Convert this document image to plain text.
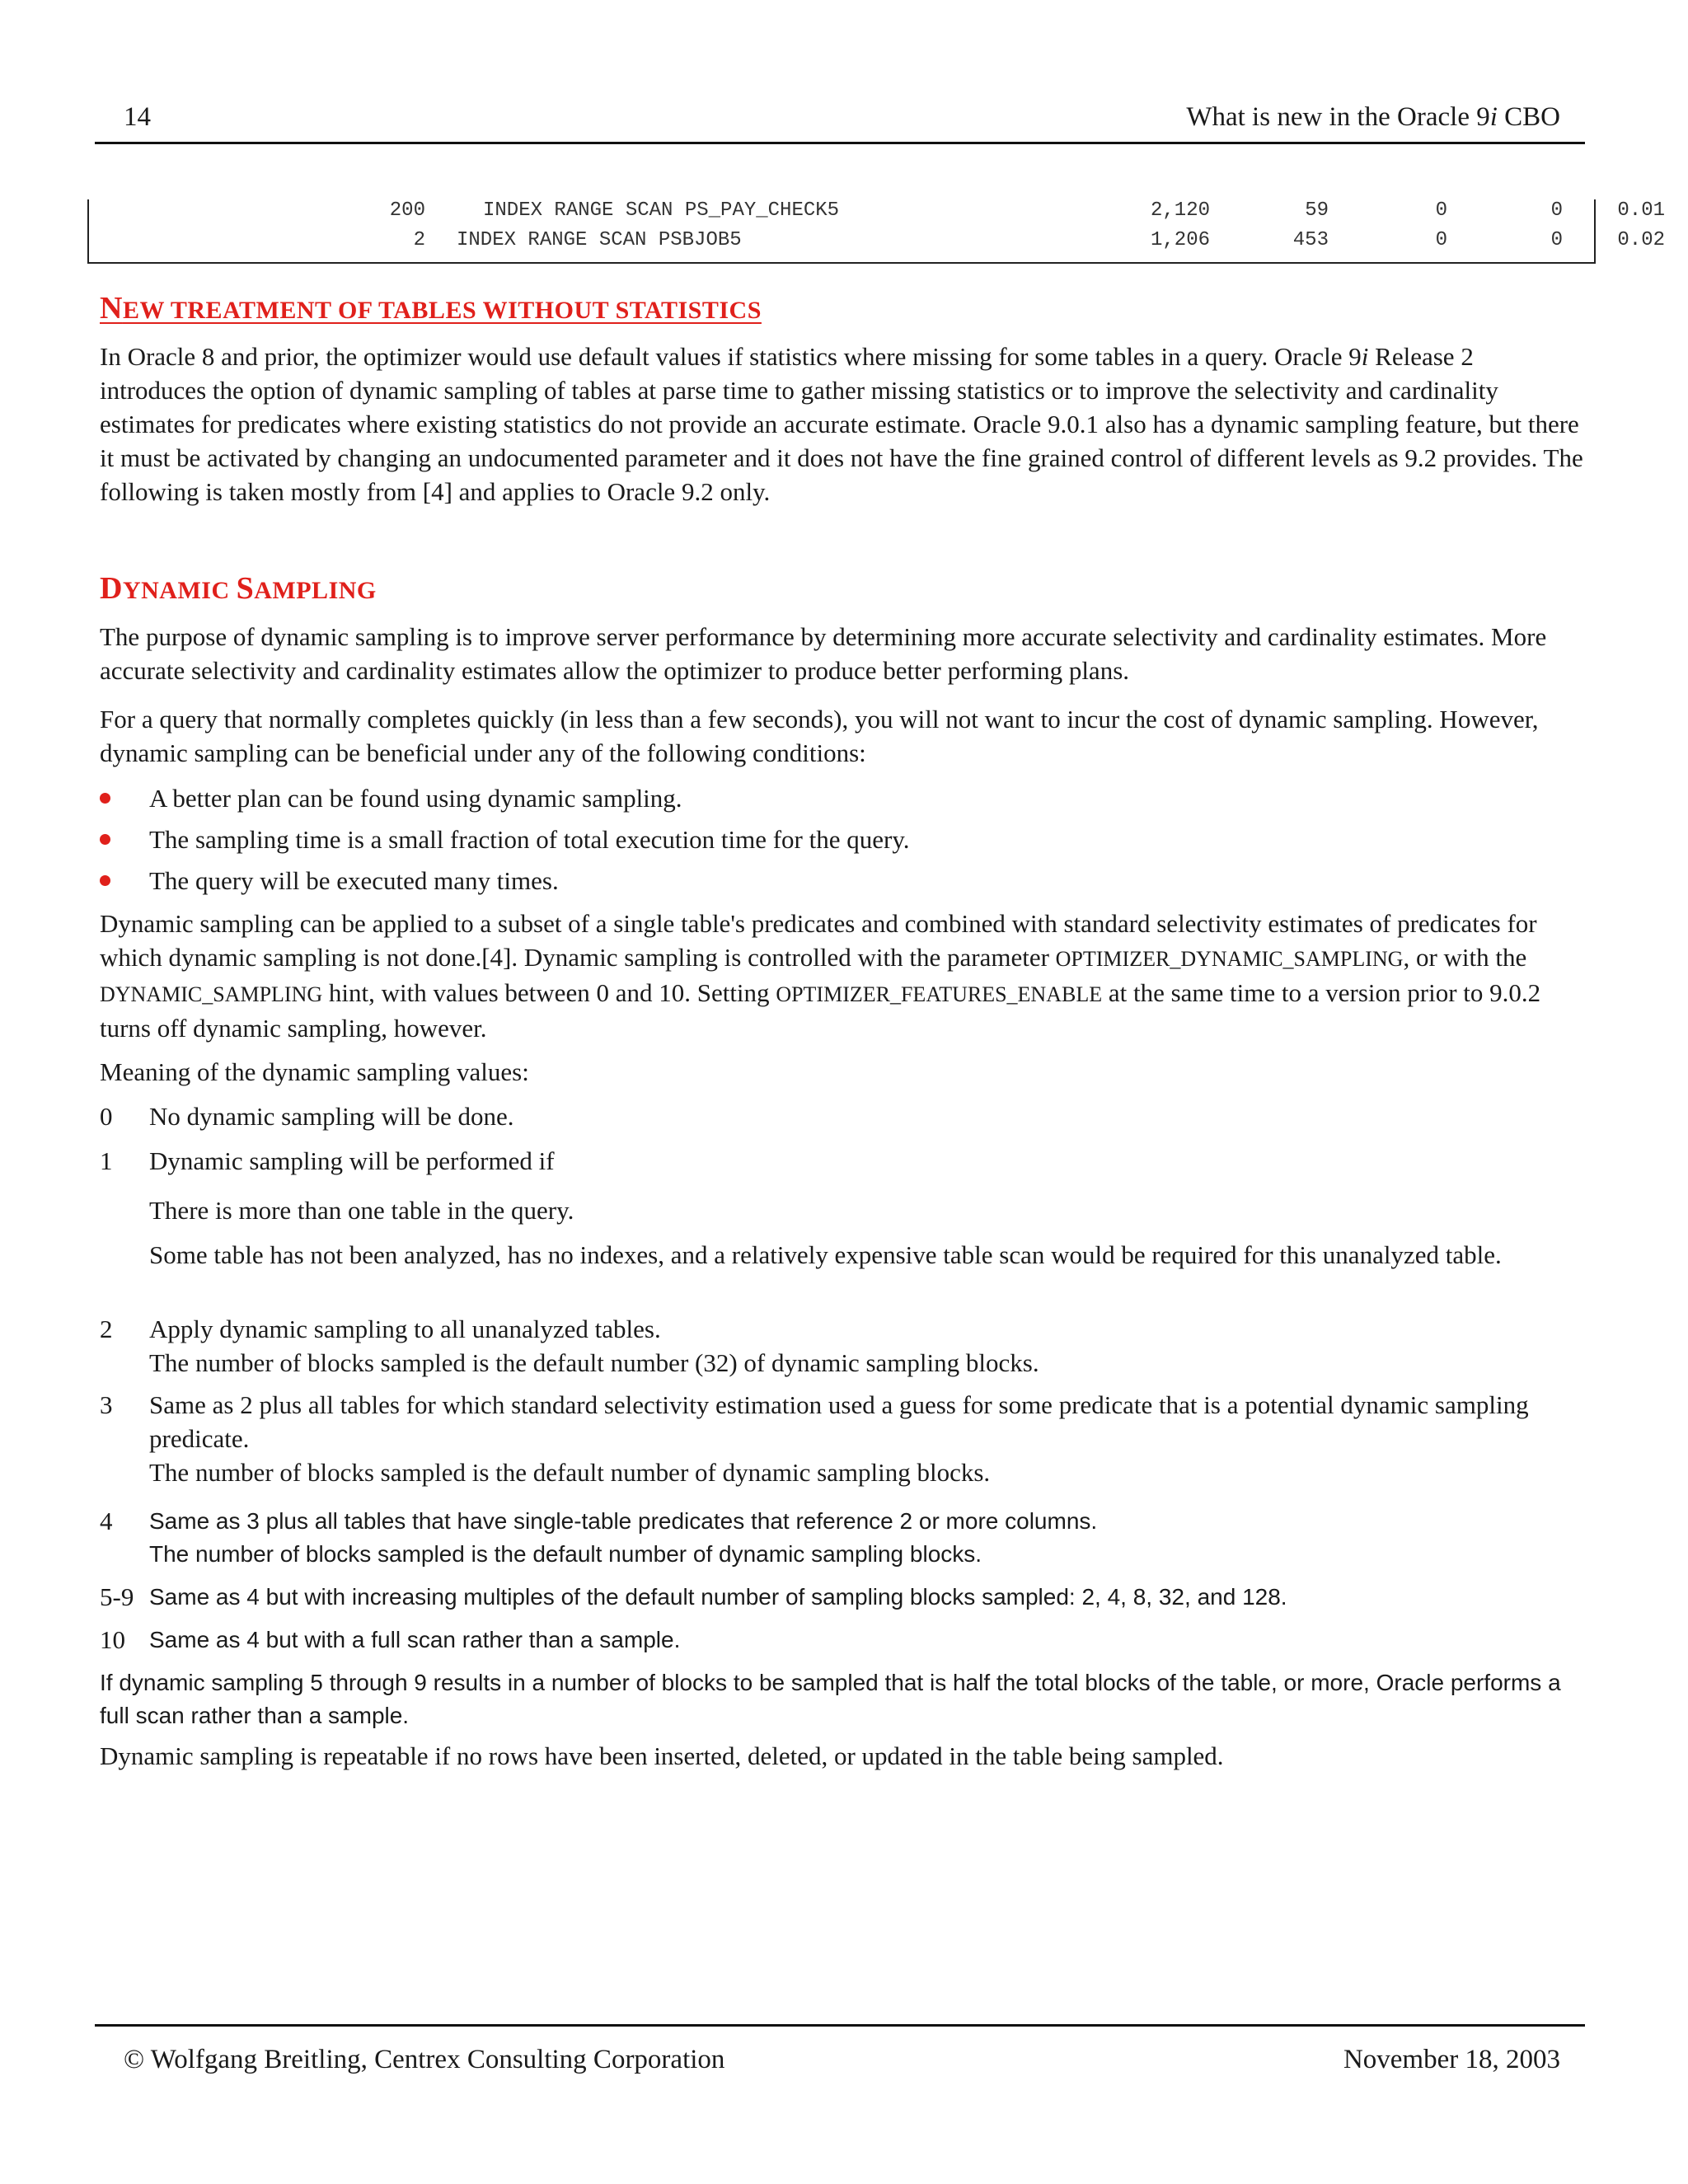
14	What is new in the Oracle 9i CBO
200	INDEX RANGE SCAN PS_PAY_CHECK5	2,120	59	0	0	0.01
2 INDEX RANGE SCAN PSBJOB5	1,206	453	0	0	0.02
NEW TREATMENT OF TABLES WITHOUT STATISTICS

In Oracle 8 and prior, the optimizer would use default values if statistics where missing for some tables in a query. Oracle 9i Release 2 introduces the option of dynamic sampling of tables at parse time to gather missing statistics or to improve the selectivity and cardinality estimates for predicates where existing statistics do not provide an accurate estimate. Oracle 9.0.1 also has a dynamic sampling feature, but there it must be activated by changing an undocumented parameter and it does not have the fine grained control of different levels as 9.2 provides. The following is taken mostly from [4] and applies to Oracle 9.2 only.

DYNAMIC SAMPLING

The purpose of dynamic sampling is to improve server performance by determining more accurate selectivity and cardinality estimates. More accurate selectivity and cardinality estimates allow the optimizer to produce better performing plans.

For a query that normally completes quickly (in less than a few seconds), you will not want to incur the cost of dynamic sampling. However, dynamic sampling can be beneficial under any of the following conditions:

A better plan can be found using dynamic sampling.
The sampling time is a small fraction of total execution time for the query.
The query will be executed many times.

Dynamic sampling can be applied to a subset of a single table's predicates and combined with standard selectivity estimates of predicates for which dynamic sampling is not done.[4]. Dynamic sampling is controlled with the parameter OPTIMIZER_DYNAMIC_SAMPLING, or with the DYNAMIC_SAMPLING hint, with values between 0 and 10. Setting OPTIMIZER_FEATURES_ENABLE at the same time to a version prior to 9.0.2 turns off dynamic sampling, however.

Meaning of the dynamic sampling values:

0 No dynamic sampling will be done.
1 Dynamic sampling will be performed if
There is more than one table in the query.
Some table has not been analyzed, has no indexes, and a relatively expensive table scan would be required for this unanalyzed table.
2 Apply dynamic sampling to all unanalyzed tables.
The number of blocks sampled is the default number (32) of dynamic sampling blocks.
3 Same as 2 plus all tables for which standard selectivity estimation used a guess for some predicate that is a potential dynamic sampling predicate.
The number of blocks sampled is the default number of dynamic sampling blocks.
4 Same as 3 plus all tables that have single-table predicates that reference 2 or more columns.
The number of blocks sampled is the default number of dynamic sampling blocks.
5-9 Same as 4 but with increasing multiples of the default number of sampling blocks sampled: 2, 4, 8, 32, and 128.
10 Same as 4 but with a full scan rather than a sample.

If dynamic sampling 5 through 9 results in a number of blocks to be sampled that is half the total blocks of the table, or more, Oracle performs a full scan rather than a sample.

Dynamic sampling is repeatable if no rows have been inserted, deleted, or updated in the table being sampled.

© Wolfgang Breitling, Centrex Consulting Corporation	November 18, 2003
